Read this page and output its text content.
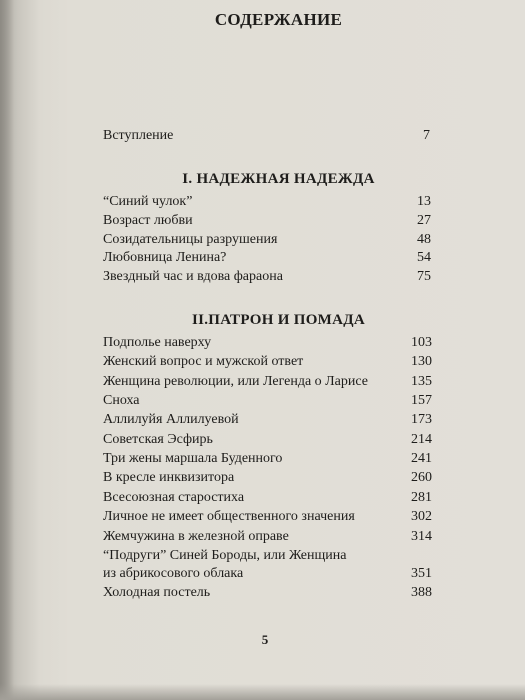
СОДЕРЖАНИЕ
Вступление	7
I. НАДЕЖНАЯ НАДЕЖДА
“Синий чулок”	13
Возраст любви	27
Созидательницы разрушения	48
Любовница Ленина?	54
Звездный час и вдова фараона	75
II.ПАТРОН И ПОМАДА
Подполье наверху	103
Женский вопрос и мужской ответ	130
Женщина революции, или Легенда о Ларисе	135
Сноха	157
Аллилуйя Аллилуевой	173
Советская Эсфирь	214
Три жены маршала Буденного	241
В кресле инквизитора	260
Всесоюзная старостиха	281
Личное не имеет общественного значения	302
Жемчужина в железной оправе	314
“Подруги” Синей Бороды, или Женщина
из абрикосового облака	351
Холодная постель	388
5
